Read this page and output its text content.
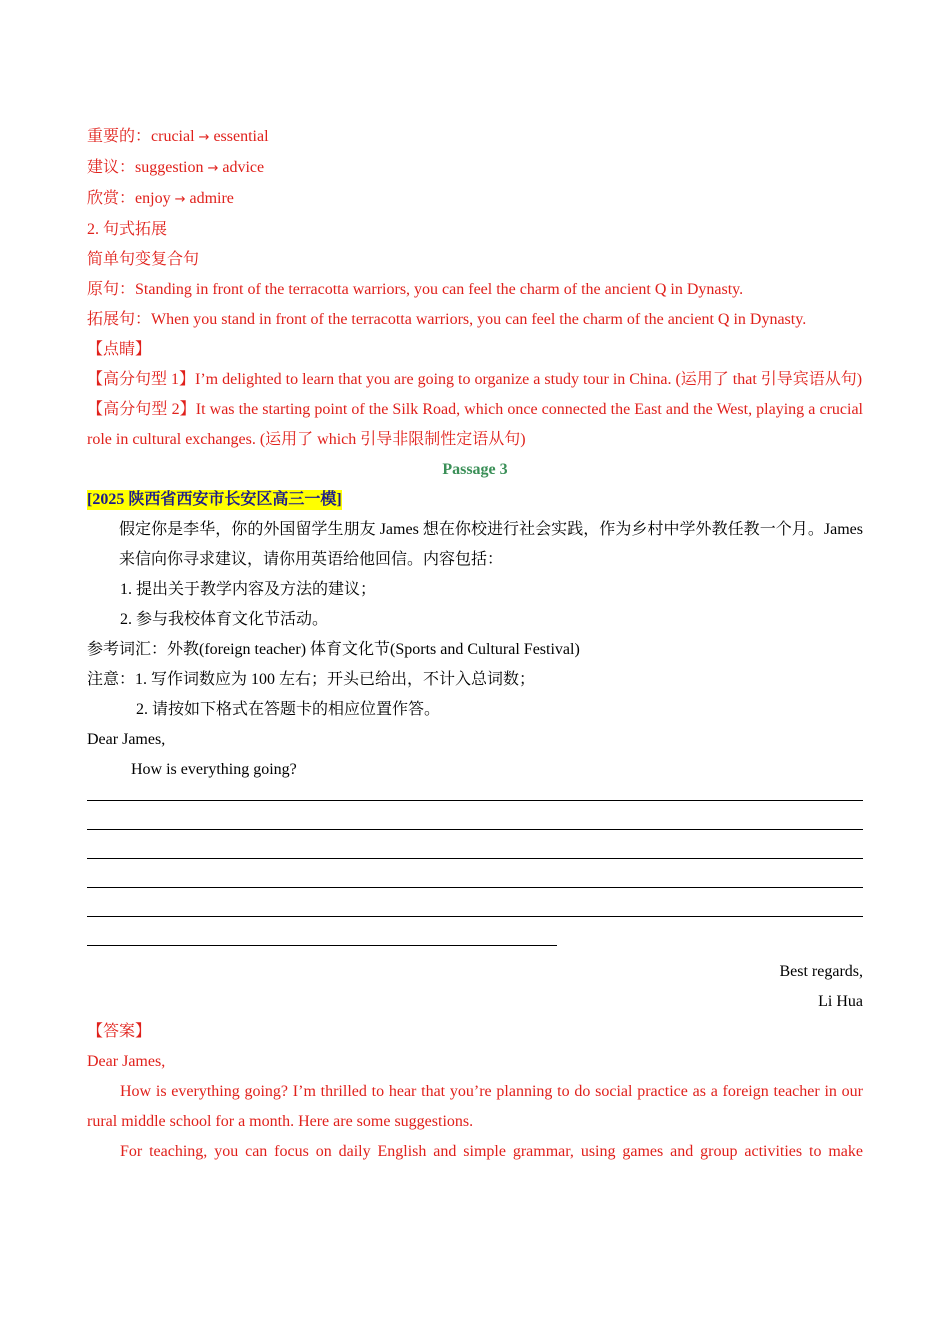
重要的：crucial → essential

建议：suggestion → advice

欣赏：enjoy → admire

2. 句式拓展

简单句变复合句

原句：Standing in front of the terracotta warriors, you can feel the charm of the ancient Q in Dynasty.

拓展句：When you stand in front of the terracotta warriors, you can feel the charm of the ancient Q in Dynasty.

【点睛】

【高分句型 1】I’m delighted to learn that you are going to organize a study tour in China. (运用了 that 引导宾语从句)

【高分句型 2】It was the starting point of the Silk Road, which once connected the East and the West, playing a crucial role in cultural exchanges. (运用了 which 引导非限制性定语从句)

Passage 3

[2025 陕西省西安市长安区高三一模]

假定你是李华，你的外国留学生朋友 James 想在你校进行社会实践，作为乡村中学外教任教一个月。James 来信向你寻求建议，请你用英语给他回信。内容包括：

1. 提出关于教学内容及方法的建议；

2. 参与我校体育文化节活动。

参考词汇：外教(foreign teacher) 体育文化节(Sports and Cultural Festival)

注意：1. 写作词数应为 100 左右；开头已给出，不计入总词数；

2. 请按如下格式在答题卡的相应位置作答。

Dear James,

How is everything going?

Best regards,

Li Hua

【答案】

Dear James,

How is everything going? I’m thrilled to hear that you’re planning to do social practice as a foreign teacher in our rural middle school for a month. Here are some suggestions.

For teaching, you can focus on daily English and simple grammar, using games and group activities to make
